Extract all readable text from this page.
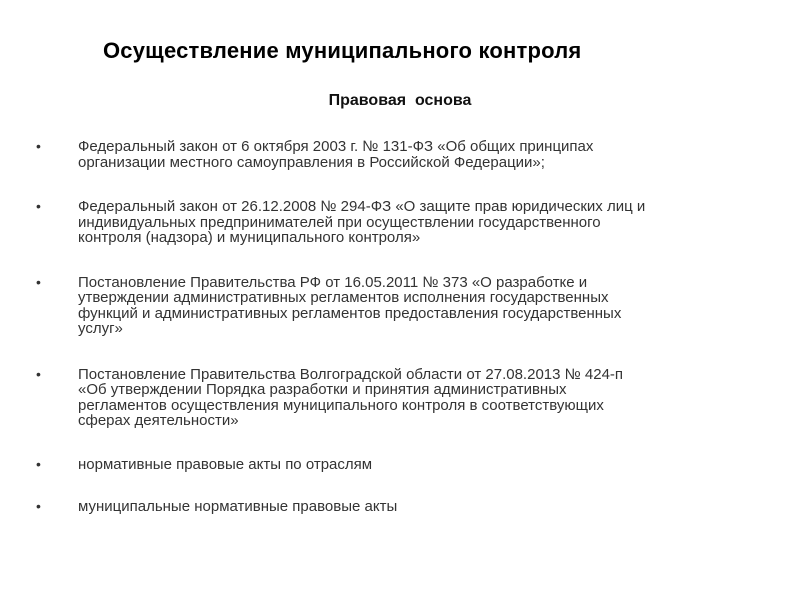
Осуществление муниципального контроля
Правовая  основа
•	Федеральный закон от 6 октября 2003 г. № 131-ФЗ «Об общих принципах
организации местного самоуправления в Российской Федерации»;
•	Федеральный закон от 26.12.2008 № 294-ФЗ «О защите прав юридических лиц и
индивидуальных предпринимателей при осуществлении государственного
контроля (надзора) и муниципального контроля»
•	Постановление Правительства РФ от 16.05.2011 № 373 «О разработке и
утверждении административных регламентов исполнения государственных
функций и административных регламентов предоставления государственных
услуг»
•	Постановление Правительства Волгоградской области от 27.08.2013 № 424-п
«Об утверждении Порядка разработки и принятия административных
регламентов осуществления муниципального контроля в соответствующих
сферах деятельности»
•	нормативные правовые акты по отраслям
•	муниципальные нормативные правовые акты
